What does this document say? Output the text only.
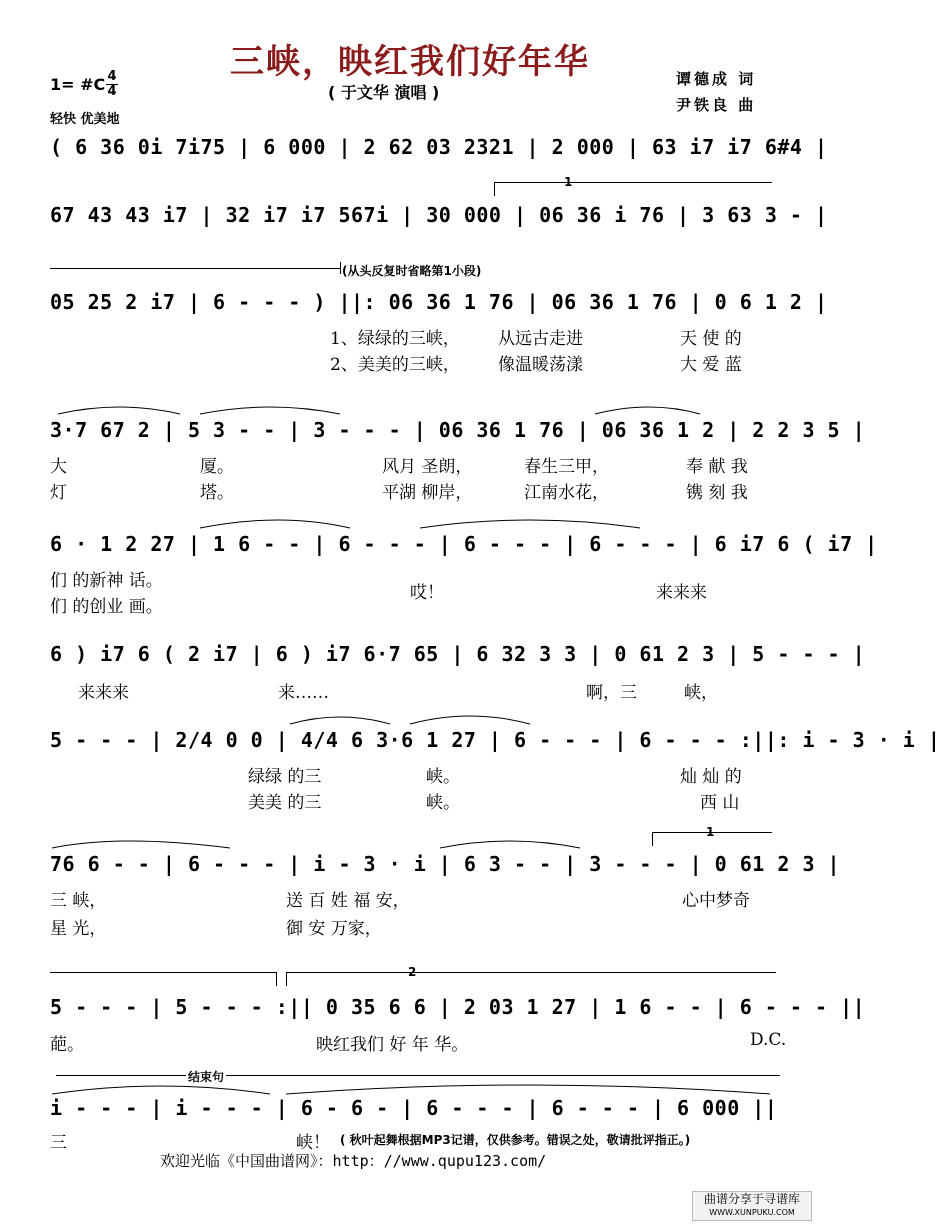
三峡，映红我们好年华
( 于文华 演唱 )
谭德成 词
尹铁良 曲
1= #C 4
4
轻快 优美地
( 6 36 0i 7i75 | 6 000 | 2 62 03 2321 | 2 000 | 63 i7 i7 6#4 |
1
67 43 43 i7 | 32 i7 i7 567i | 30 000 | 06 36 i 76 | 3 63 3 - |
(从头反复时省略第1小段)
05 25 2 i7 | 6 - - - ) ||: 06 36 1 76 | 06 36 1 76 | 0 6 1 2 |
1、绿绿的三峡， 从远古走进	天 使 的
2、美美的三峡， 像温暖荡漾	大 爱 蓝
3·7 67 2 | 5 3 - - | 3 - - - | 06 36 1 76 | 06 36 1 2 | 2 2 3 5 |
大	厦。	风月 圣朗，	春生三甲，	奉 献 我
灯	塔。	平湖 柳岸，	江南水花，	镌 刻 我
6 · 1 2 27 | 1 6 - - | 6 - - - | 6 - - - | 6 - - - | 6 i7 6 ( i7 |
们 的新神 话。
们 的创业 画。
哎！	来来来
6 ) i7 6 ( 2 i7 | 6 ) i7 6·7 65 | 6 32 3 3 | 0 61 2 3 | 5 - - - |
来来来	来……	啊，三	峡，
5 - - - | 2/4 0 0 | 4/4 6 3·6 1 27 | 6 - - - | 6 - - - :||: i - 3 · i |
绿绿 的三	峡。	灿 灿 的
美美 的三	峡。	西 山
1
76 6 - - | 6 - - - | i - 3 · i | 6 3 - - | 3 - - - | 0 61 2 3 |
三 峡，	送 百 姓 福 安，	心中梦奇
星 光，	御 安 万家，
2
5 - - - | 5 - - - :|| 0 35 6 6 | 2 03 1 27 | 1 6 - - | 6 - - - ||
葩。	映红我们 好 年 华。	D.C.
结束句
i - - - | i - - - | 6 - 6 - | 6 - - - | 6 - - - | 6 000 ||
三	峡！ ( 秋叶起舞根据MP3记谱，仅供参考。错误之处，敬请批评指正。)
欢迎光临《中国曲谱网》：http：//www.qupu123.com/
曲谱分享于寻谱库
WWW.XUNPUKU.COM
